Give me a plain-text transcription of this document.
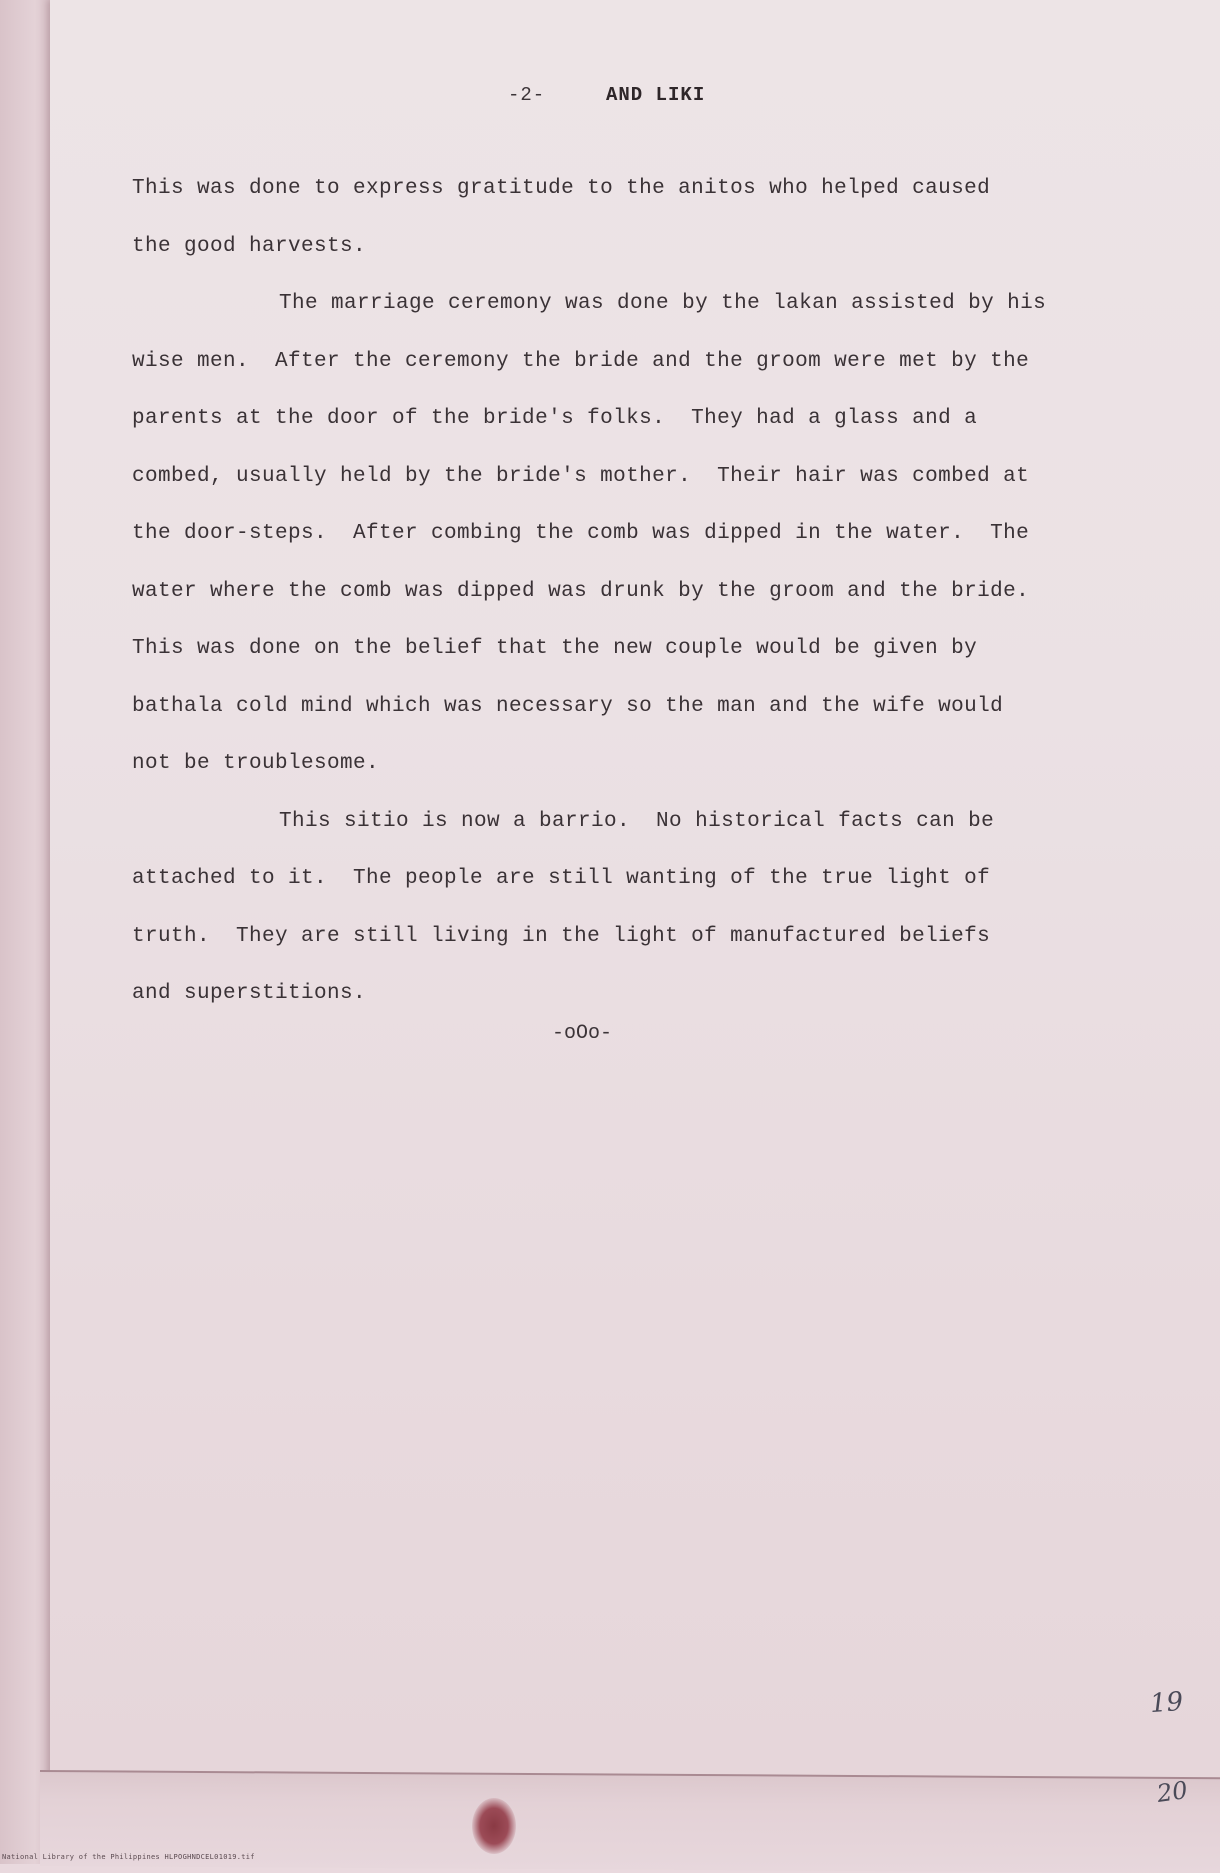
-2-	AND LIKI

This was done to express gratitude to the anitos who helped caused

the good harvests.

The marriage ceremony was done by the lakan assisted by his

wise men.  After the ceremony the bride and the groom were met by the

parents at the door of the bride's folks.  They had a glass and a

combed, usually held by the bride's mother.  Their hair was combed at

the door-steps.  After combing the comb was dipped in the water.  The

water where the comb was dipped was drunk by the groom and the bride.

This was done on the belief that the new couple would be given by

bathala cold mind which was necessary so the man and the wife would

not be troublesome.

This sitio is now a barrio.  No historical facts can be

attached to it.  The people are still wanting of the true light of

truth.  They are still living in the light of manufactured beliefs

and superstitions.

-oOo-
19
20
National Library of the Philippines HLPOGHNDCEL01019.tif
